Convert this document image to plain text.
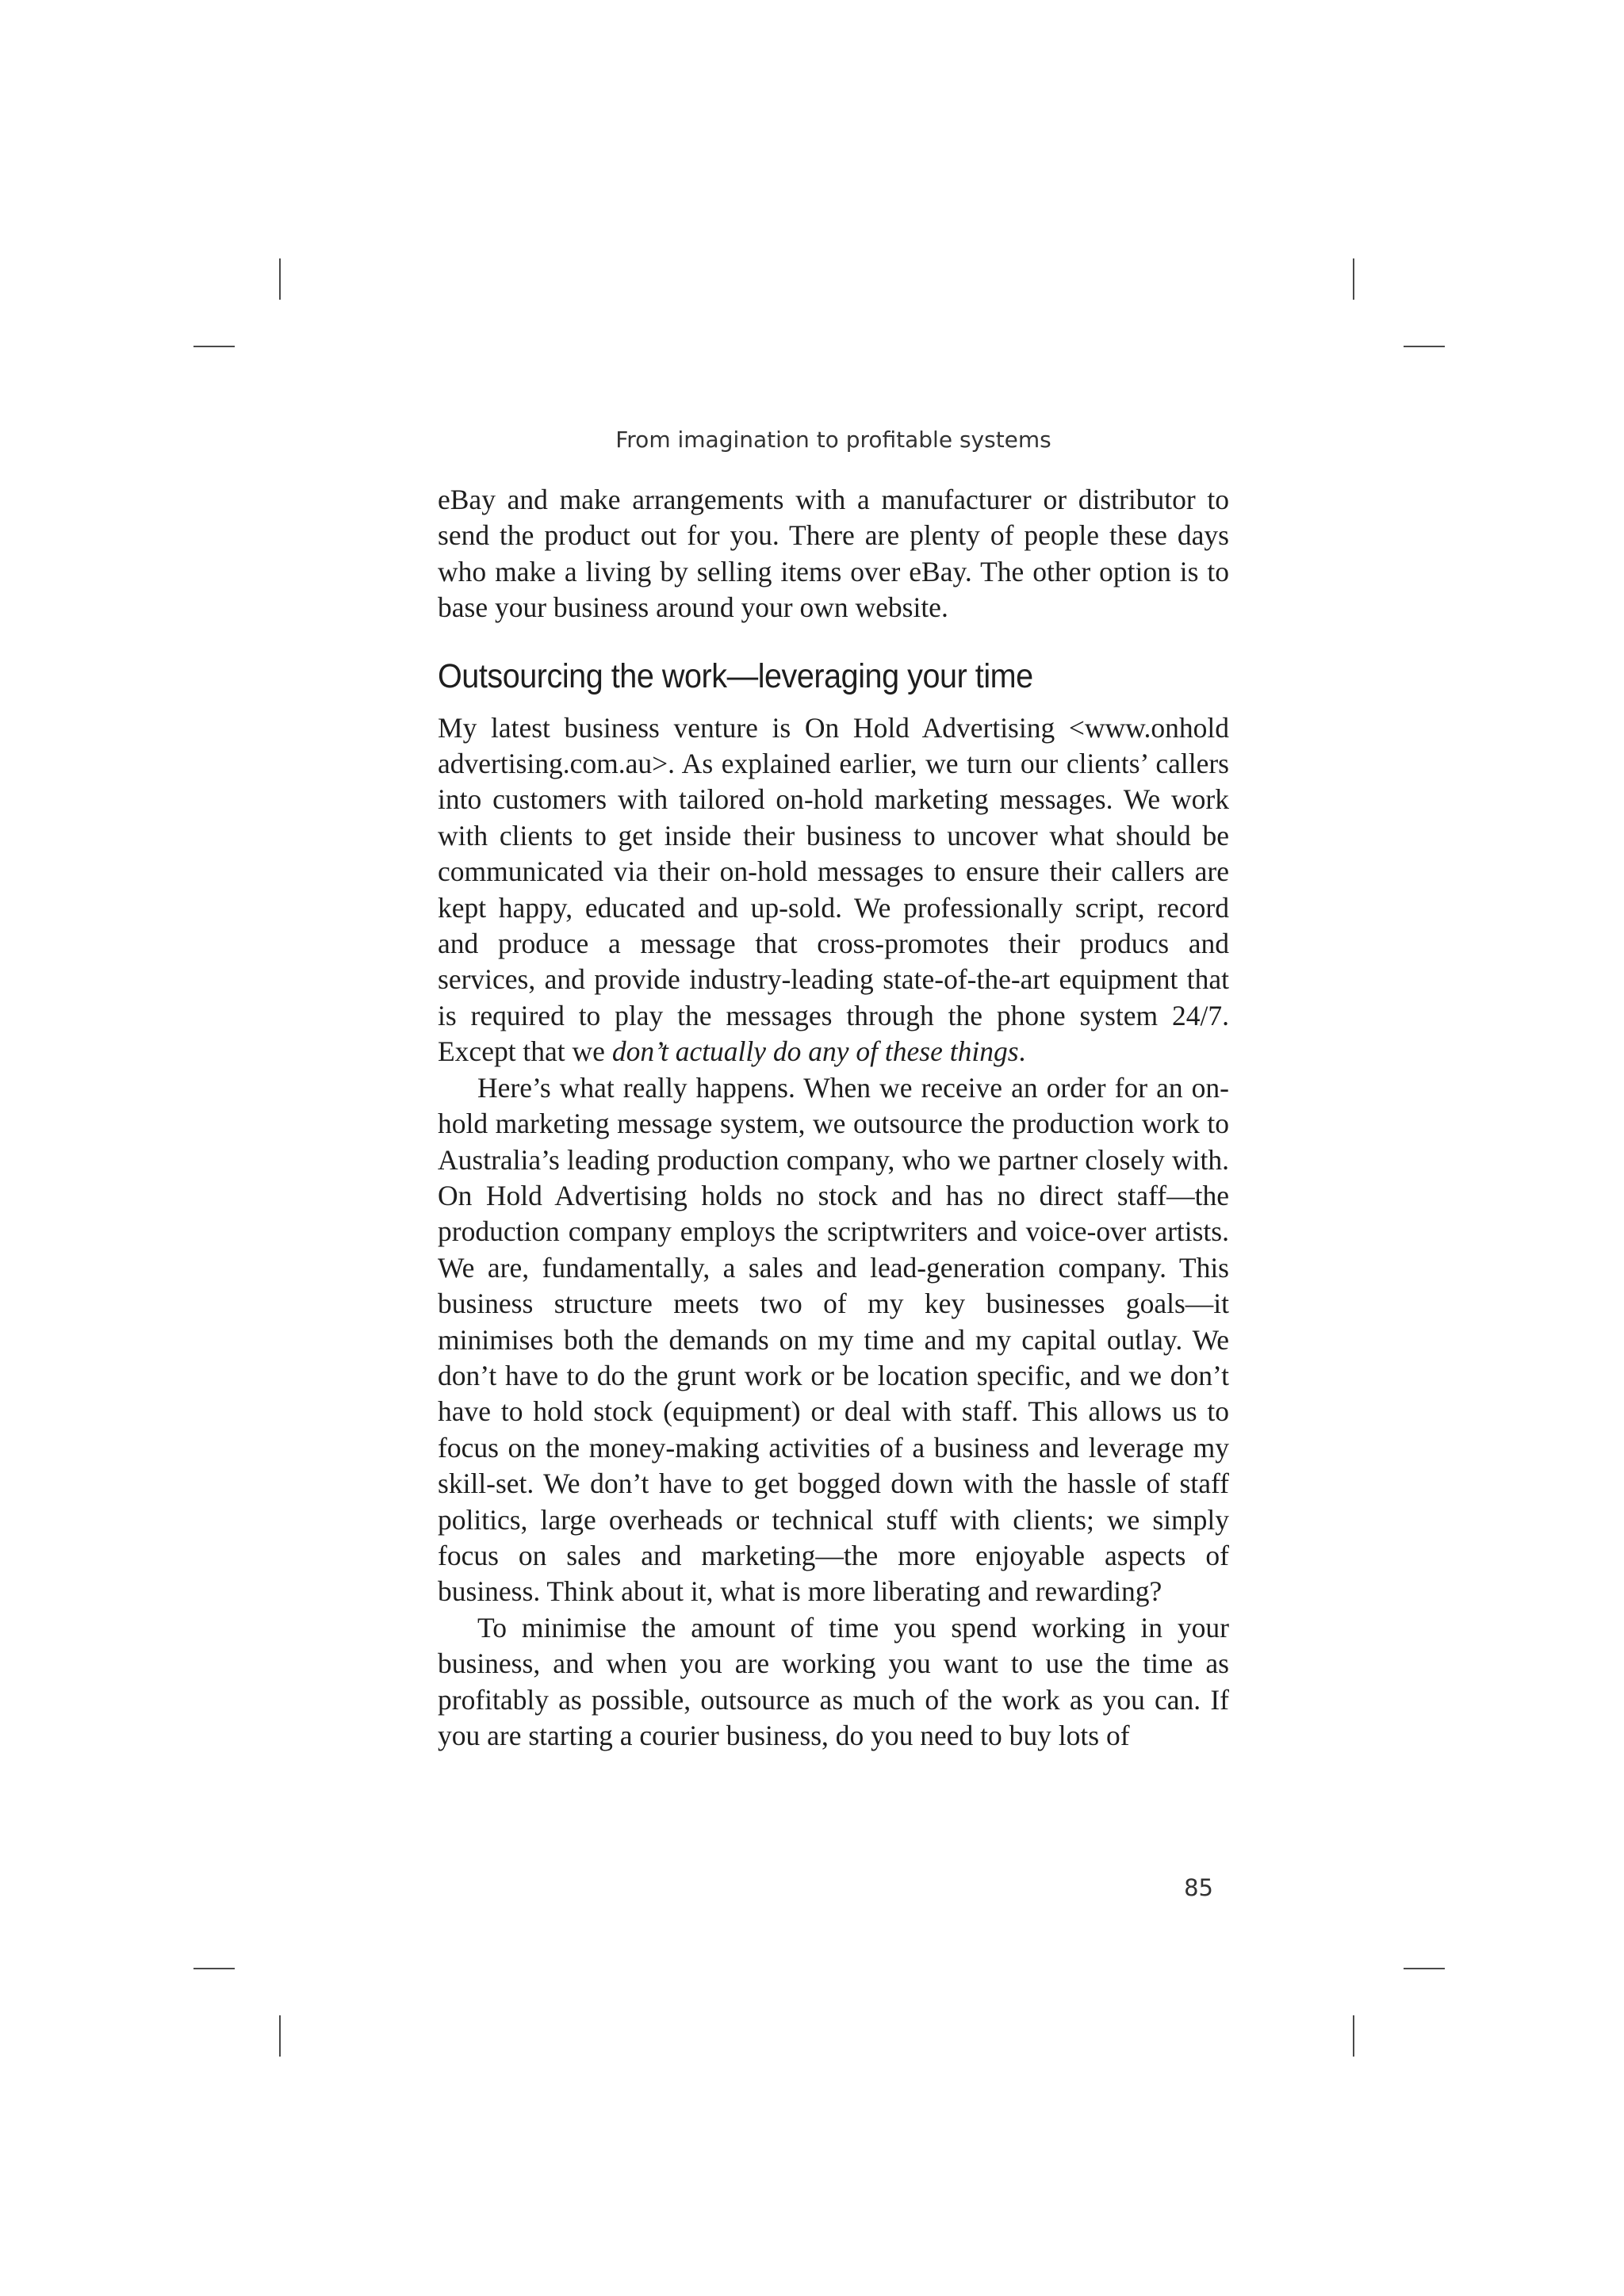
From imagination to profitable systems

eBay and make arrangements with a manufacturer or distributor to send the product out for you. There are plenty of people these days who make a living by selling items over eBay. The other option is to base your business around your own website.

Outsourcing the work—leveraging your time

My latest business venture is On Hold Advertising <www.onhold advertising.com.au>. As explained earlier, we turn our clients’ callers into customers with tailored on-hold marketing messages. We work with clients to get inside their business to uncover what should be communicated via their on-hold messages to ensure their callers are kept happy, educated and up-sold. We professionally script, record and produce a message that cross-promotes their producs and services, and provide industry-leading state-of-the-art equipment that is required to play the messages through the phone system 24/7. Except that we don’t actually do any of these things.

Here’s what really happens. When we receive an order for an on-hold marketing message system, we outsource the production work to Australia’s leading production company, who we partner closely with. On Hold Advertising holds no stock and has no direct staff—the production company employs the scriptwriters and voice-over artists. We are, fundamentally, a sales and lead-generation company. This business structure meets two of my key businesses goals—it minimises both the demands on my time and my capital outlay. We don’t have to do the grunt work or be location specific, and we don’t have to hold stock (equipment) or deal with staff. This allows us to focus on the money-making activities of a business and leverage my skill-set. We don’t have to get bogged down with the hassle of staff politics, large overheads or technical stuff with clients; we simply focus on sales and marketing—the more enjoyable aspects of business. Think about it, what is more liberating and rewarding?

To minimise the amount of time you spend working in your business, and when you are working you want to use the time as profitably as possible, outsource as much of the work as you can. If you are starting a courier business, do you need to buy lots of

85
